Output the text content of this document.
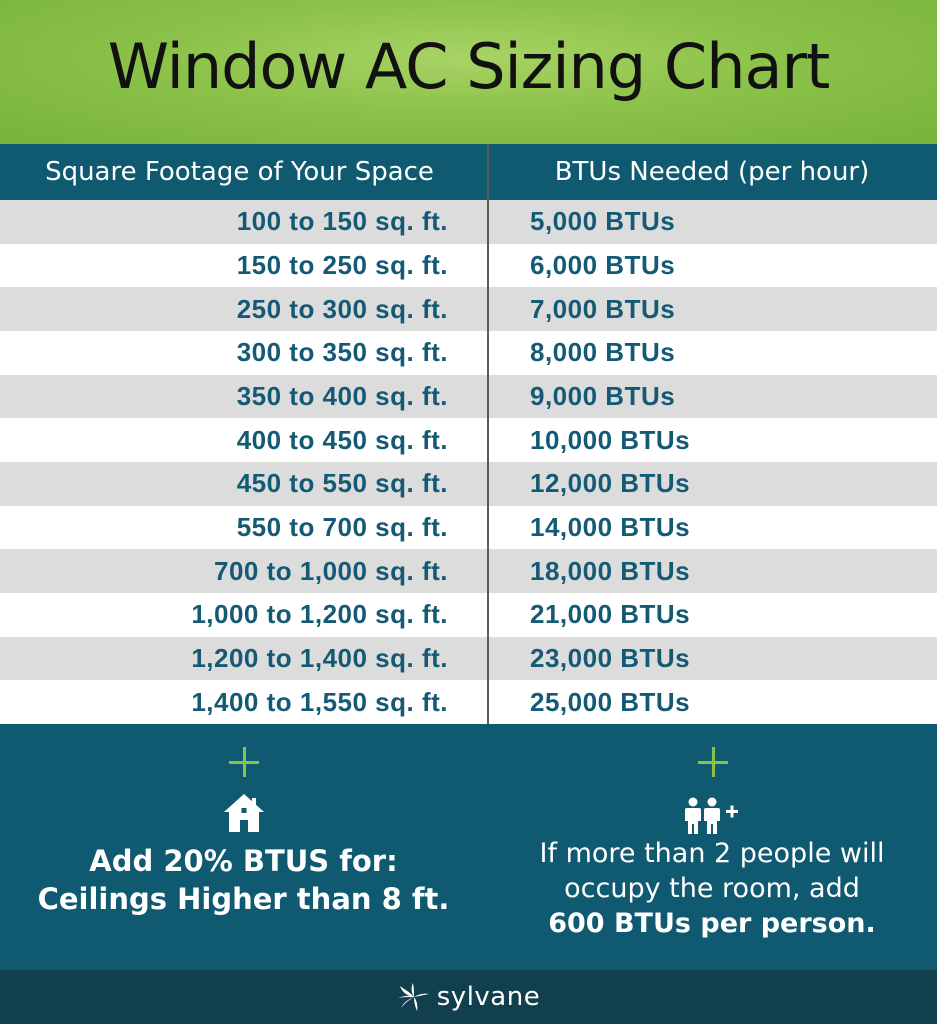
Window AC Sizing Chart
Square Footage of Your Space	BTUs Needed (per hour)
100 to 150 sq. ft.	5,000 BTUs
150 to 250 sq. ft.	6,000 BTUs
250 to 300 sq. ft.	7,000 BTUs
300 to 350 sq. ft.	8,000 BTUs
350 to 400 sq. ft.	9,000 BTUs
400 to 450 sq. ft.	10,000 BTUs
450 to 550 sq. ft.	12,000 BTUs
550 to 700 sq. ft.	14,000 BTUs
700 to 1,000 sq. ft.	18,000 BTUs
1,000 to 1,200 sq. ft.	21,000 BTUs
1,200 to 1,400 sq. ft.	23,000 BTUs
1,400 to 1,550 sq. ft.	25,000 BTUs
Add 20% BTUS for:
Ceilings Higher than 8 ft.
If more than 2 people will
occupy the room, add
600 BTUs per person.
sylvane
